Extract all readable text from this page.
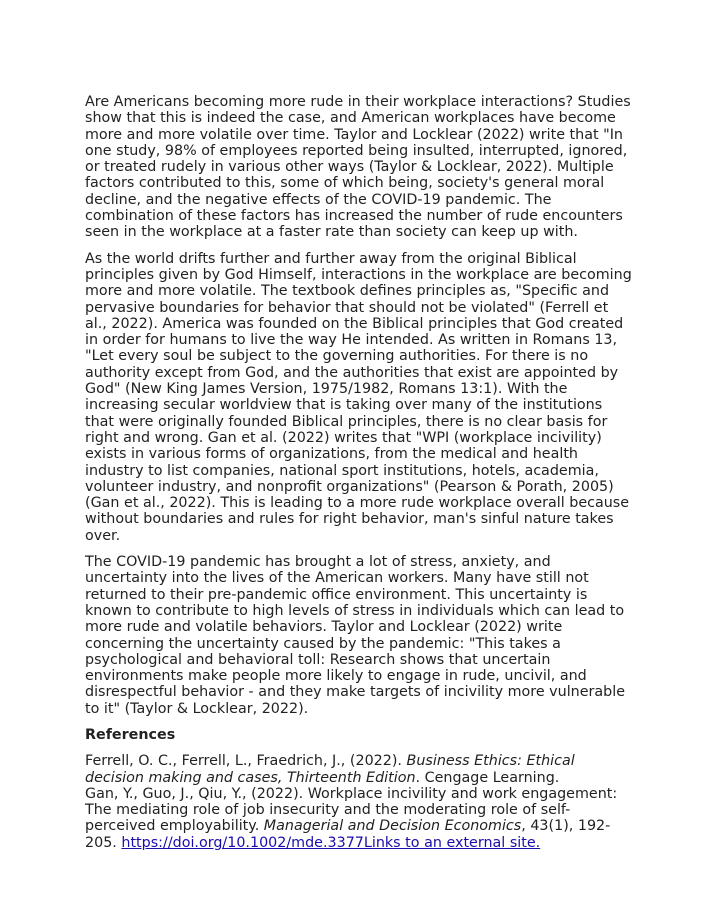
Are Americans becoming more rude in their workplace interactions? Studies show that this is indeed the case, and American workplaces have become more and more volatile over time. Taylor and Locklear (2022) write that "In one study, 98% of employees reported being insulted, interrupted, ignored, or treated rudely in various other ways (Taylor & Locklear, 2022). Multiple factors contributed to this, some of which being, society's general moral decline, and the negative effects of the COVID-19 pandemic. The combination of these factors has increased the number of rude encounters seen in the workplace at a faster rate than society can keep up with.

As the world drifts further and further away from the original Biblical principles given by God Himself, interactions in the workplace are becoming more and more volatile. The textbook defines principles as, "Specific and pervasive boundaries for behavior that should not be violated" (Ferrell et al., 2022). America was founded on the Biblical principles that God created in order for humans to live the way He intended. As written in Romans 13, "Let every soul be subject to the governing authorities. For there is no authority except from God, and the authorities that exist are appointed by God" (New King James Version, 1975/1982, Romans 13:1). With the increasing secular worldview that is taking over many of the institutions that were originally founded Biblical principles, there is no clear basis for right and wrong. Gan et al. (2022) writes that "WPI (workplace incivility) exists in various forms of organizations, from the medical and health industry to list companies, national sport institutions, hotels, academia, volunteer industry, and nonprofit organizations" (Pearson & Porath, 2005) (Gan et al., 2022). This is leading to a more rude workplace overall because without boundaries and rules for right behavior, man's sinful nature takes over.

The COVID-19 pandemic has brought a lot of stress, anxiety, and uncertainty into the lives of the American workers. Many have still not returned to their pre-pandemic office environment. This uncertainty is known to contribute to high levels of stress in individuals which can lead to more rude and volatile behaviors. Taylor and Locklear (2022) write concerning the uncertainty caused by the pandemic: "This takes a psychological and behavioral toll: Research shows that uncertain environments make people more likely to engage in rude, uncivil, and disrespectful behavior - and they make targets of incivility more vulnerable to it" (Taylor & Locklear, 2022).

References

Ferrell, O. C., Ferrell, L., Fraedrich, J., (2022). Business Ethics: Ethical decision making and cases, Thirteenth Edition. Cengage Learning.

Gan, Y., Guo, J., Qiu, Y., (2022). Workplace incivility and work engagement: The mediating role of job insecurity and the moderating role of self-perceived employability. Managerial and Decision Economics, 43(1), 192-205. https://doi.org/10.1002/mde.3377Links to an external site.
